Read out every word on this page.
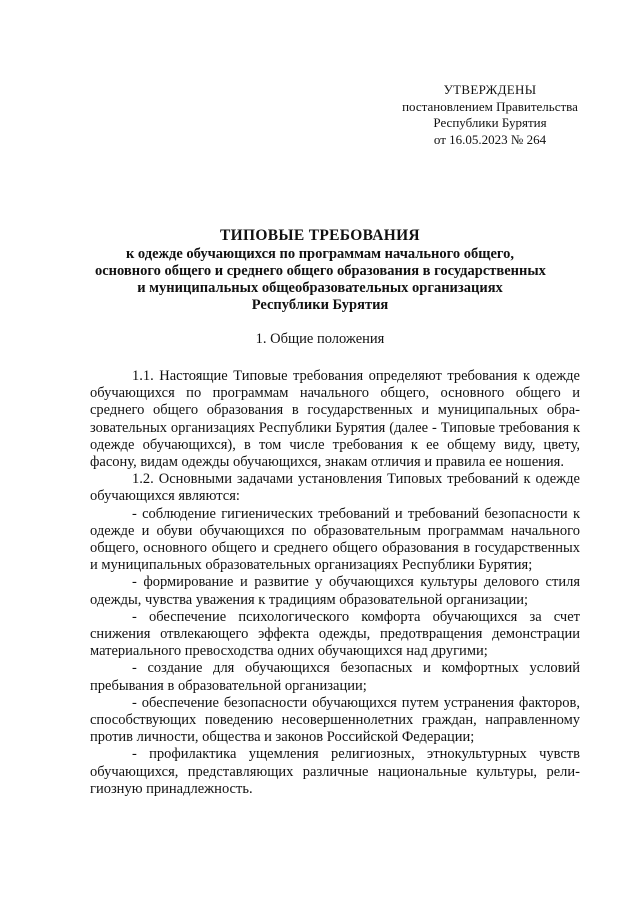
УТВЕРЖДЕНЫ
постановлением Правительства
Республики Бурятия
от 16.05.2023 № 264
ТИПОВЫЕ ТРЕБОВАНИЯ
к одежде обучающихся по программам начального общего,
основного общего и среднего общего образования в государственных
и муниципальных общеобразовательных организациях
Республики Бурятия
1. Общие положения

1.1. Настоящие Типовые требования определяют требования к одежде обучающихся по программам начального общего, основного общего и среднего общего образования в государственных и муниципальных образовательных организациях Республики Бурятия (далее - Типовые требования к одежде обучающихся), в том числе требования к ее общему виду, цвету, фасону, видам одежды обучающихся, знакам отличия и правила ее ношения.

1.2. Основными задачами установления Типовых требований к одежде обучающихся являются:

- соблюдение гигиенических требований и требований безопасности к одежде и обуви обучающихся по образовательным программам начального общего, основного общего и среднего общего образования в государственных и муниципальных образовательных организациях Республики Бурятия;

- формирование и развитие у обучающихся культуры делового стиля одежды, чувства уважения к традициям образовательной организации;

- обеспечение психологического комфорта обучающихся за счет снижения отвлекающего эффекта одежды, предотвращения демонстрации материального превосходства одних обучающихся над другими;

- создание для обучающихся безопасных и комфортных условий пребывания в образовательной организации;

- обеспечение безопасности обучающихся путем устранения факторов, способствующих поведению несовершеннолетних граждан, направленному против личности, общества и законов Российской Федерации;

- профилактика ущемления религиозных, этнокультурных чувств обучающихся, представляющих различные национальные культуры, религиозную принадлежность.
